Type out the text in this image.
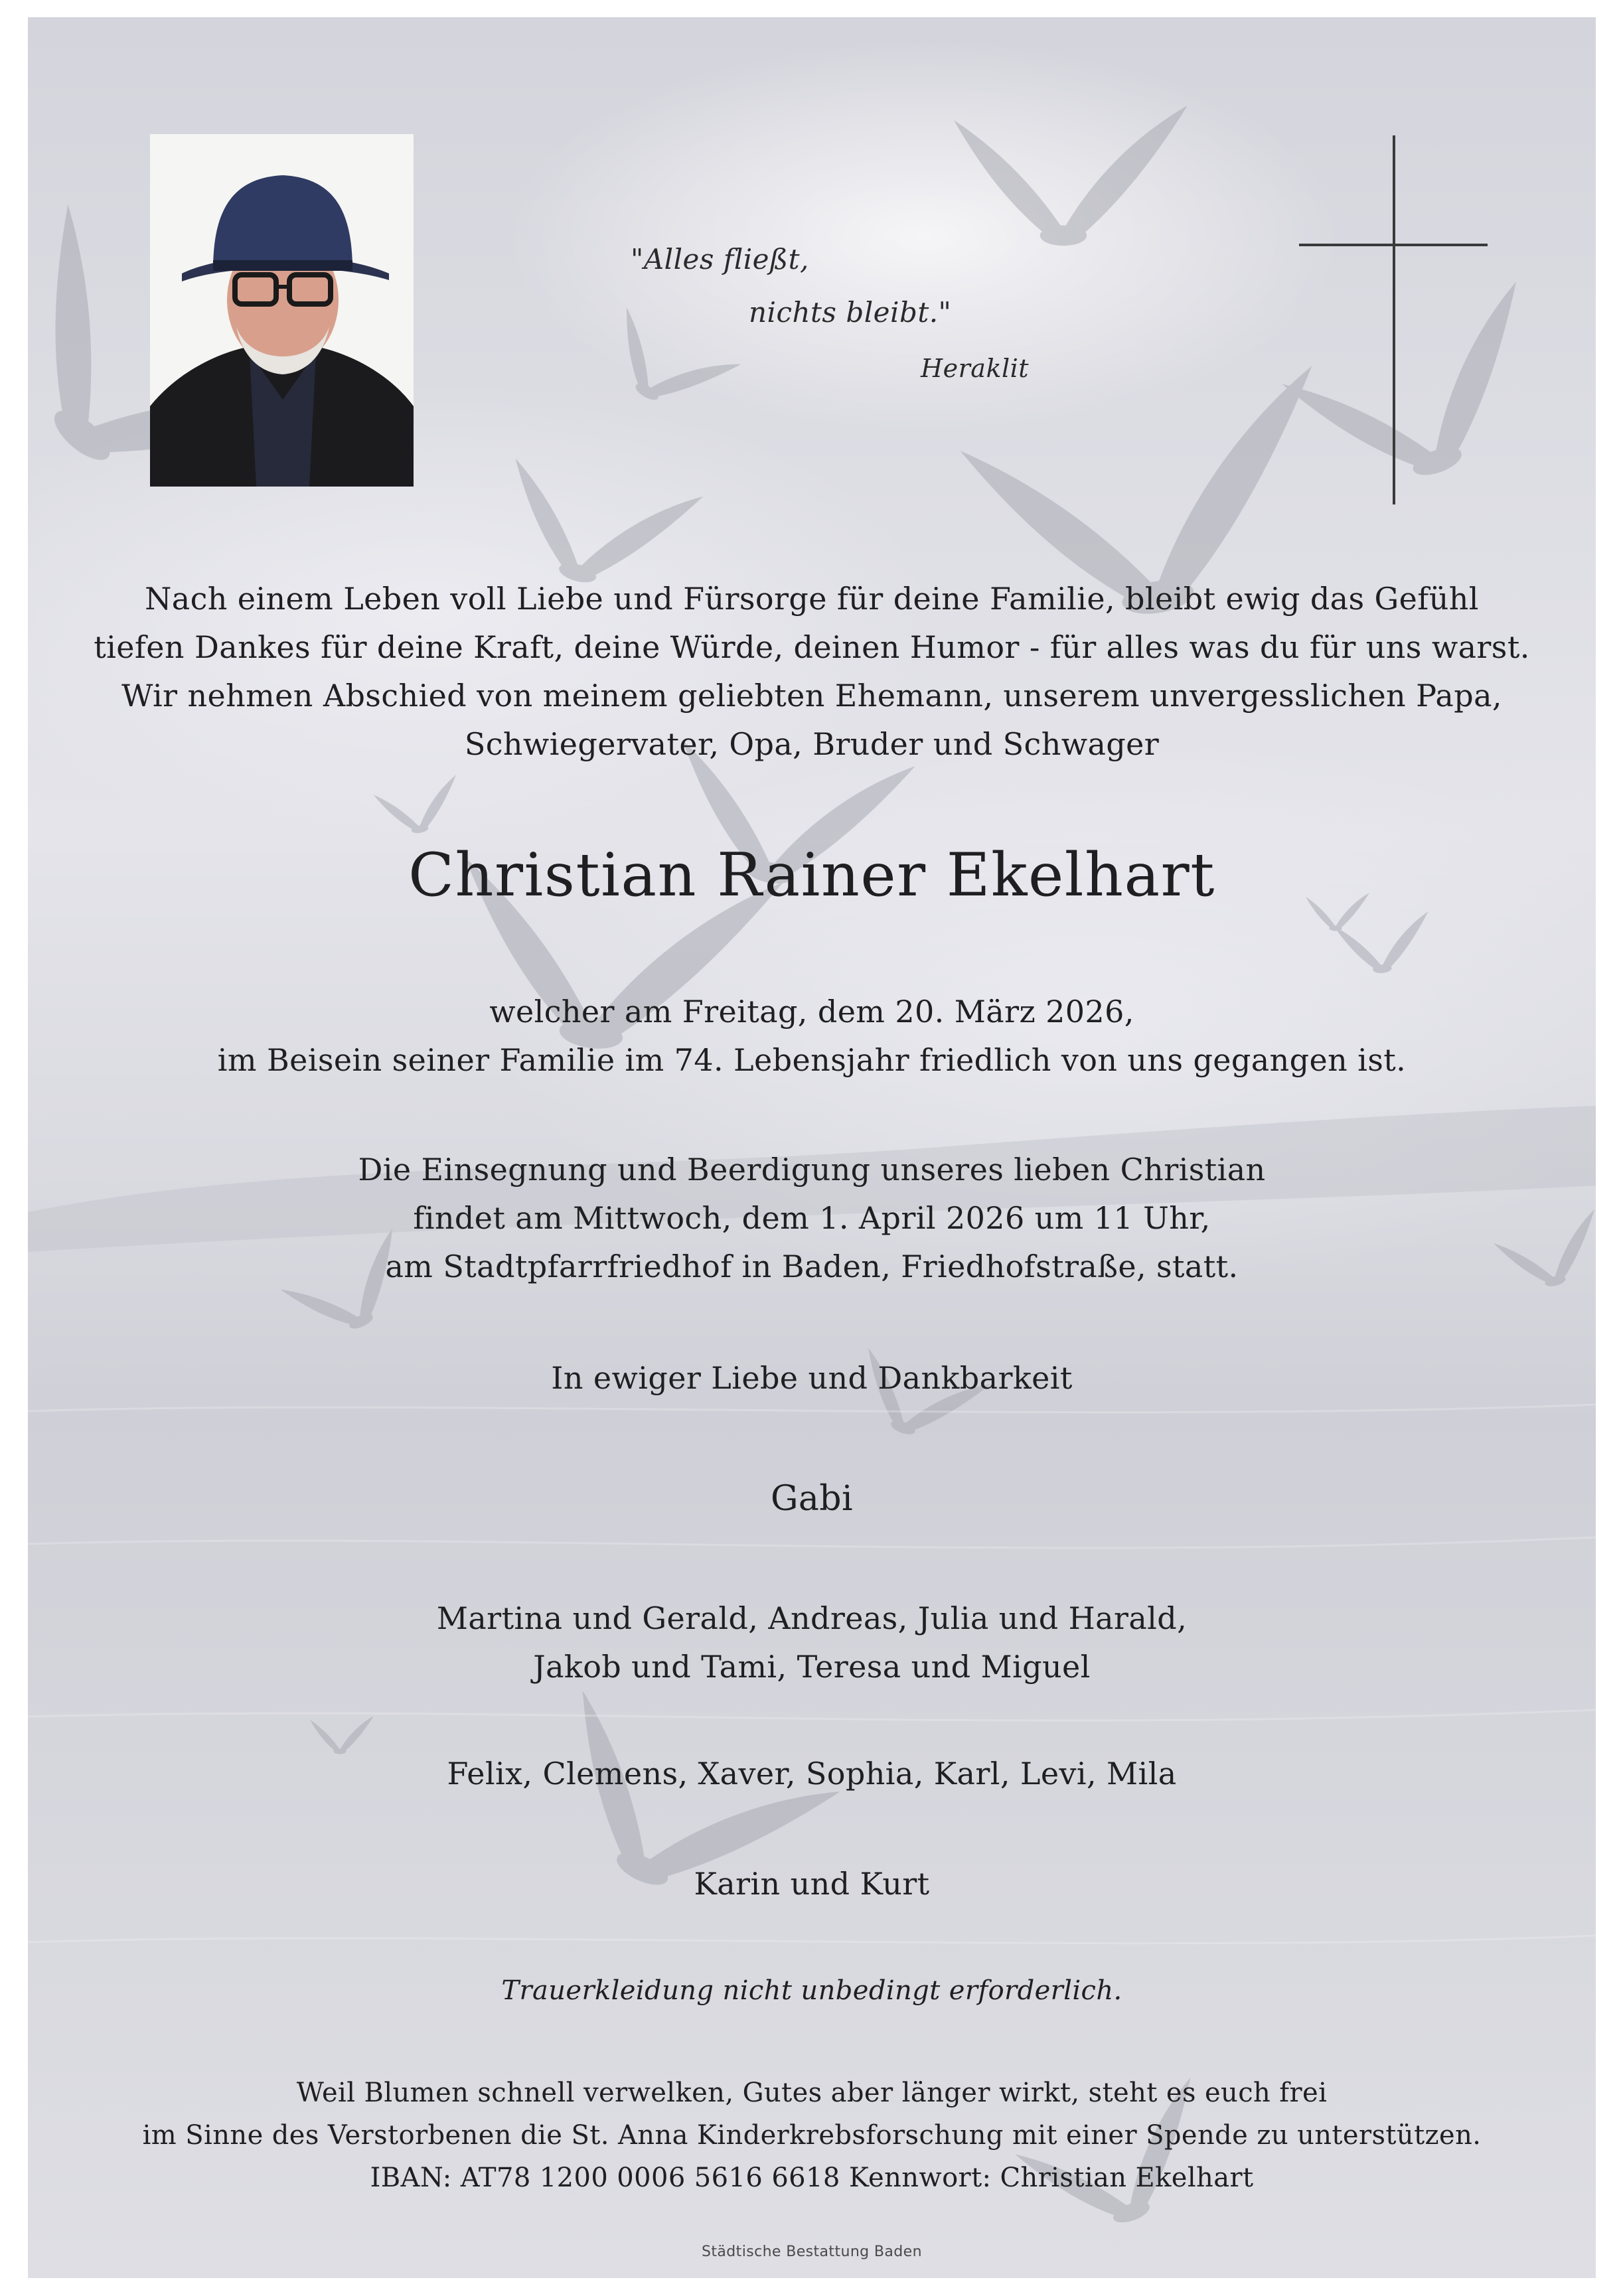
"Alles fließt,
nichts bleibt."
Heraklit
Nach einem Leben voll Liebe und Fürsorge für deine Familie, bleibt ewig das Gefühl
tiefen Dankes für deine Kraft, deine Würde, deinen Humor - für alles was du für uns warst.
Wir nehmen Abschied von meinem geliebten Ehemann, unserem unvergesslichen Papa,
Schwiegervater, Opa, Bruder und Schwager
Christian Rainer Ekelhart
welcher am Freitag, dem 20. März 2026,
im Beisein seiner Familie im 74. Lebensjahr friedlich von uns gegangen ist.
Die Einsegnung und Beerdigung unseres lieben Christian
findet am Mittwoch, dem 1. April 2026 um 11 Uhr,
am Stadtpfarrfriedhof in Baden, Friedhofstraße, statt.
In ewiger Liebe und Dankbarkeit
Gabi
Martina und Gerald, Andreas, Julia und Harald,
Jakob und Tami, Teresa und Miguel
Felix, Clemens, Xaver, Sophia, Karl, Levi, Mila
Karin und Kurt
Trauerkleidung nicht unbedingt erforderlich.
Weil Blumen schnell verwelken, Gutes aber länger wirkt, steht es euch frei
im Sinne des Verstorbenen die St. Anna Kinderkrebsforschung mit einer Spende zu unterstützen.
IBAN: AT78 1200 0006 5616 6618 Kennwort: Christian Ekelhart
Städtische Bestattung Baden
